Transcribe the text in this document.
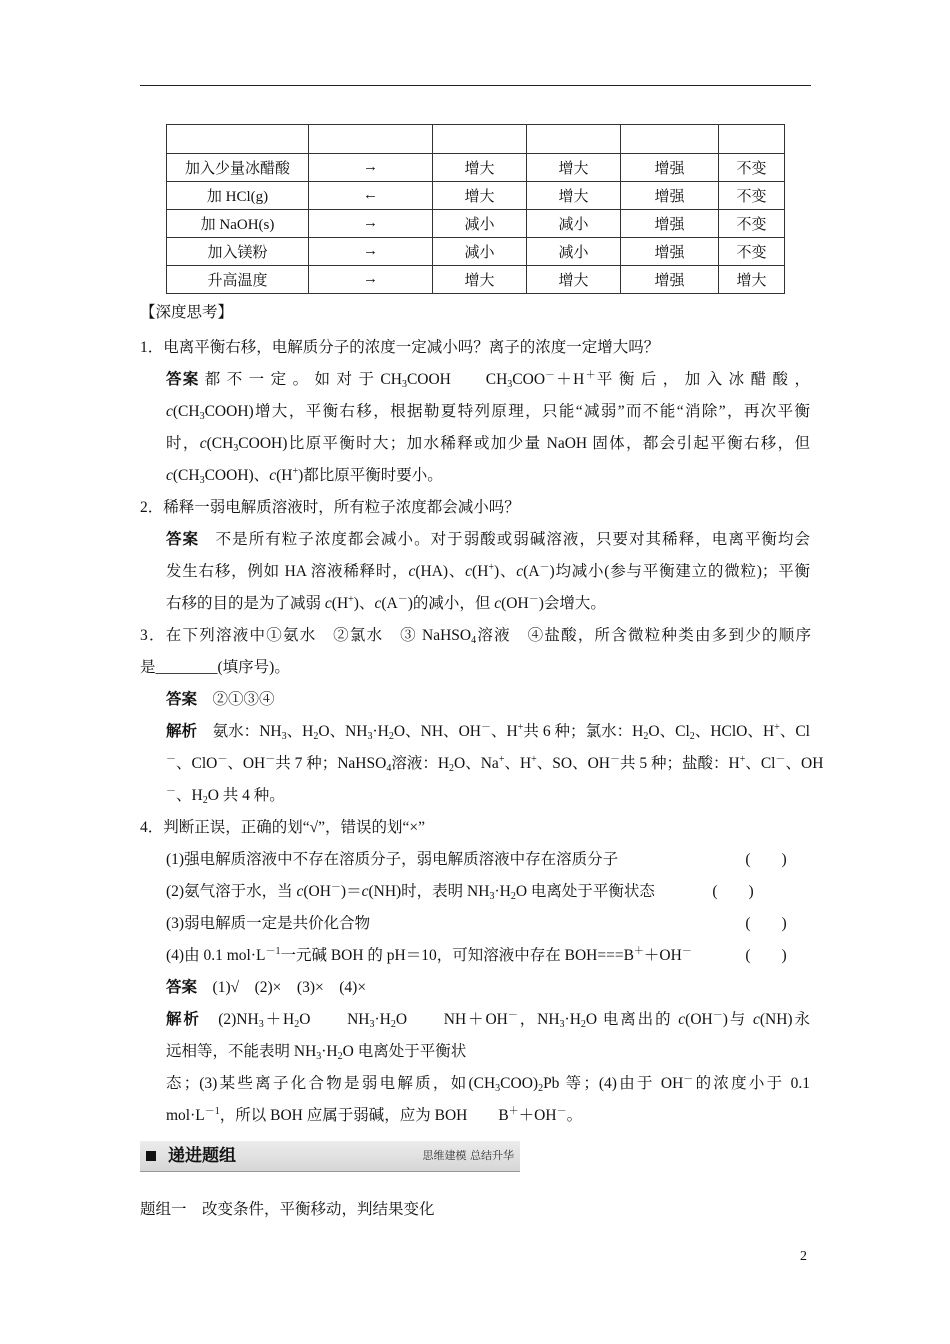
加入少量冰醋酸	→	增大	增大	增强	不变
加 HCl(g)	←	增大	增大	增强	不变
加 NaOH(s)	→	减小	减小	增强	不变
加入镁粉	→	减小	减小	增强	不变
升高温度	→	增大	增大	增强	增大
【深度思考】
1．电离平衡右移，电解质分子的浓度一定减小吗？离子的浓度一定增大吗？
答案 都 不 一 定 。 如 对 于 $CH_3COOH$　　$CH_3COO^-+H^+$平 衡 后 ， 加 入 冰 醋 酸 ，
$c(CH_3COOH)$增大，平衡右移，根据勒夏特列原理，只能“减弱”而不能“消除”，再次平衡
时，$c(CH_3COOH)$比原平衡时大；加水稀释或加少量 NaOH 固体，都会引起平衡右移，但
$c(CH_3COOH)$、c(H+)都比原平衡时要小。
2．稀释一弱电解质溶液时，所有粒子浓度都会减小吗？
答案　不是所有粒子浓度都会减小。对于弱酸或弱碱溶液，只要对其稀释，电离平衡均会
发生右移，例如 HA 溶液稀释时，c(HA)、c(H+)、c(A－)均减小(参与平衡建立的微粒)；平衡
右移的目的是为了减弱 c(H+)、c(A－)的减小，但 c(OH－)会增大。
3．在下列溶液中①氨水　②氯水　③ NaHSO$_4$溶液　④盐酸，所含微粒种类由多到少的顺序
是________(填序号)。
答案　 ②①③④
解析　氨水：$NH_3$、$H_2O$、$NH_3\cdot H_2O$、NH、OH－、H+共 6 种；氯水：$H_2O$、$Cl_2$、HClO、H+、Cl
－、ClO－、OH－共 7 种；NaHSO$_4$溶液：$H_2O$、Na+、H+、SO、OH－共 5 种；盐酸：H+、Cl－、OH
－、$H_2O$ 共 4 种。
4．判断正误，正确的划“√”，错误的划“×”
(1)强电解质溶液中不存在溶质分子，弱电解质溶液中存在溶质分子	(　　)
(2)氨气溶于水，当 c(OH－)＝c(NH)时，表明 $NH_3\cdot H_2O$ 电离处于平衡状态	(　　)
(3)弱电解质一定是共价化合物	(　　)
(4)由 0.1 $mol\cdot L^{-1}$一元碱 BOH 的 pH＝10，可知溶液中存在 BOH===B＋＋OH－	(　　)
答案　 (1)√　(2)×　(3)×　(4)×
解析　$(2)NH_3+H_2O$　　$NH_3\cdot H_2O$　　NH＋OH－，$NH_3\cdot H_2O$ 电离出的 c(OH－)与 c(NH)永
远相等，不能表明 $NH_3\cdot H_2O$ 电离处于平衡状
态；(3)某些离子化合物是弱电解质，如$(CH_3COO)_2Pb$ 等；(4)由于 OH－的浓度小于 0.1
$mol\cdot L^{-1}$，所以 BOH 应属于弱碱，应为 BOH　　B＋＋OH－。
递进题组	思维建模 总结升华
题组一　改变条件，平衡移动，判结果变化
2
